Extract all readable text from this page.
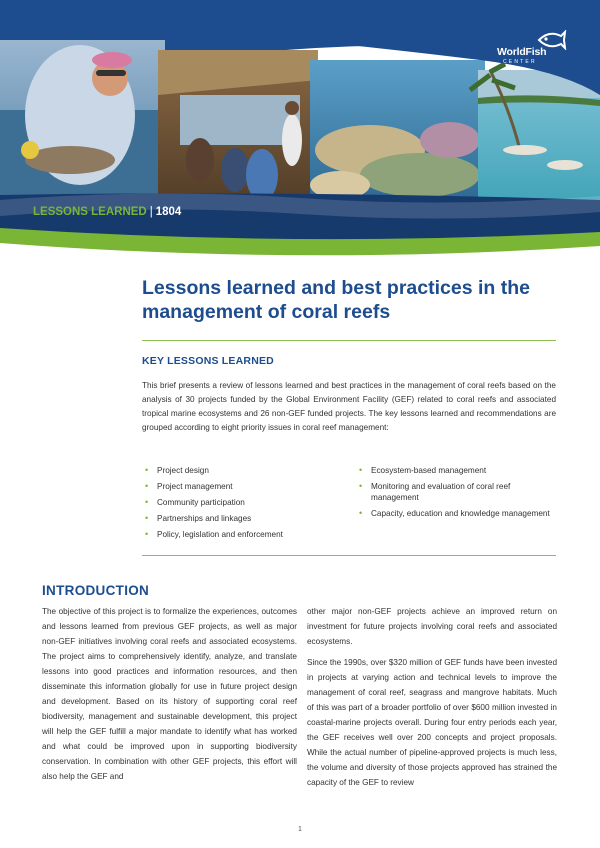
WorldFish
CENTER
LESSONS LEARNED | 1804
Lessons learned and best practices in the management of coral reefs
KEY LESSONS LEARNED

This brief presents a review of lessons learned and best practices in the management of coral reefs based on the analysis of 30 projects funded by the Global Environment Facility (GEF) related to coral reefs and associated tropical marine ecosystems and 26 non-GEF funded projects. The key lessons learned and recommendations are grouped according to eight priority issues in coral reef management:

• Project design
• Project management
• Community participation
• Partnerships and linkages
• Policy, legislation and enforcement
• Ecosystem-based management
• Monitoring and evaluation of coral reef management
• Capacity, education and knowledge management
INTRODUCTION

The objective of this project is to formalize the experiences, outcomes and lessons learned from previous GEF projects, as well as major non-GEF initiatives involving coral reefs and associated ecosystems. The project aims to comprehensively identify, analyze, and translate lessons into good practices and information resources, and then disseminate this information globally for use in future project design and development. Based on its history of supporting coral reef biodiversity, management and sustainable development, this project will help the GEF fulfill a major mandate to identify what has worked and what could be improved upon in supporting biodiversity conservation. In combination with other GEF projects, this effort will also help the GEF and

other major non-GEF projects achieve an improved return on investment for future projects involving coral reefs and associated ecosystems.

Since the 1990s, over $320 million of GEF funds have been invested in projects at varying action and technical levels to improve the management of coral reef, seagrass and mangrove habitats. Much of this was part of a broader portfolio of over $600 million invested in coastal-marine projects overall. During four entry periods each year, the GEF receives well over 200 concepts and project proposals. While the actual number of pipeline-approved projects is much less, the volume and diversity of those projects approved has strained the capacity of the GEF to review

1
